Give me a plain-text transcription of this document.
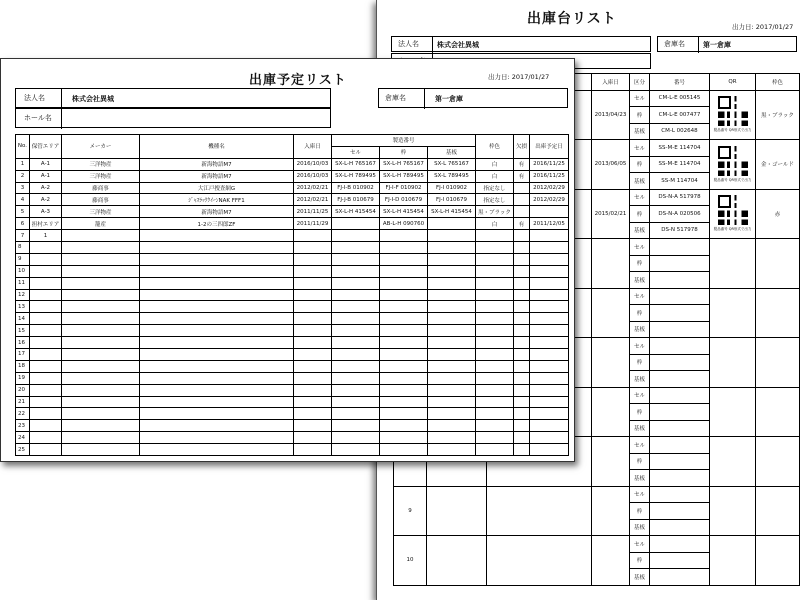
出庫台リスト	出力日: 2017/01/27
法人名	株式会社異城	倉庫名	第一倉庫
			入庫日	区分	番号	QR	枠色
			2013/04/23	セル	CM-L-E 005145	製品番号 QR形式で出力	黒・ブラック
				枠	CM-L-E 007477		
				基板	CM-L 002648		
			2013/06/05	セル	SS-M-E 114704	製品番号 QR形式で出力	金・ゴールド
				枠	SS-M-E 114704		
				基板	SS-M 114704		
			2015/02/21	セル	DS-N-A 517978	製品番号 QR形式で出力	赤
				枠	DS-N-A 020506		
				基板	DS-N 517978		
				セル			
				枠			
				基板			
				セル			
				枠			
				基板			
				セル			
				枠			
				基板			
				セル			
				枠			
				基板			
				セル			
				枠			
				基板			
9				セル			
				枠			
				基板			
10				セル			
				枠			
				基板			
出庫予定リスト	出力日: 2017/01/27
法人名	株式会社異城	倉庫名	第一倉庫
ホール名
No.	保管エリア	メーカー	機種名	入庫日	製造番号			枠色	欠損	出庫予定日
					セル	枠	基板			
1	A-1	三洋物産	新海物語M7	2016/10/03	SX-L-H 765167	SX-L-H 765167	SX-L 765167	白	有	2016/11/25
2	A-1	三洋物産	新海物語M7	2016/10/03	SX-L-H 789495	SX-L-H 789495	SX-L 789495	白	有	2016/11/25
3	A-2	藤商事	大江戸捜査網G	2012/02/21	FJ-I-B 010902	FJ-I-F 010902	FJ-I 010902	指定なし		2012/02/29
4	A-2	藤商事	ｼﾞｬｽﾗｯｸｸｲｰﾝNAK FFF1	2012/02/21	FJ-J-B 010679	FJ-I-D 010679	FJ-I 010679	指定なし		2012/02/29
5	A-3	三洋物産	新海物語M7	2011/11/25	SX-L-H 415454	SX-L-H 415454	SX-L-H 415454	黒・ブラック		
6	担村エリア	籠産	1-2の三四郎ZF	2011/11/29		AB-L-H 090760		白	有	2011/12/05
7	1									
8										
9										
10										
11										
12										
13										
14										
15										
16										
17										
18										
19										
20										
21										
22										
23										
24										
25										
